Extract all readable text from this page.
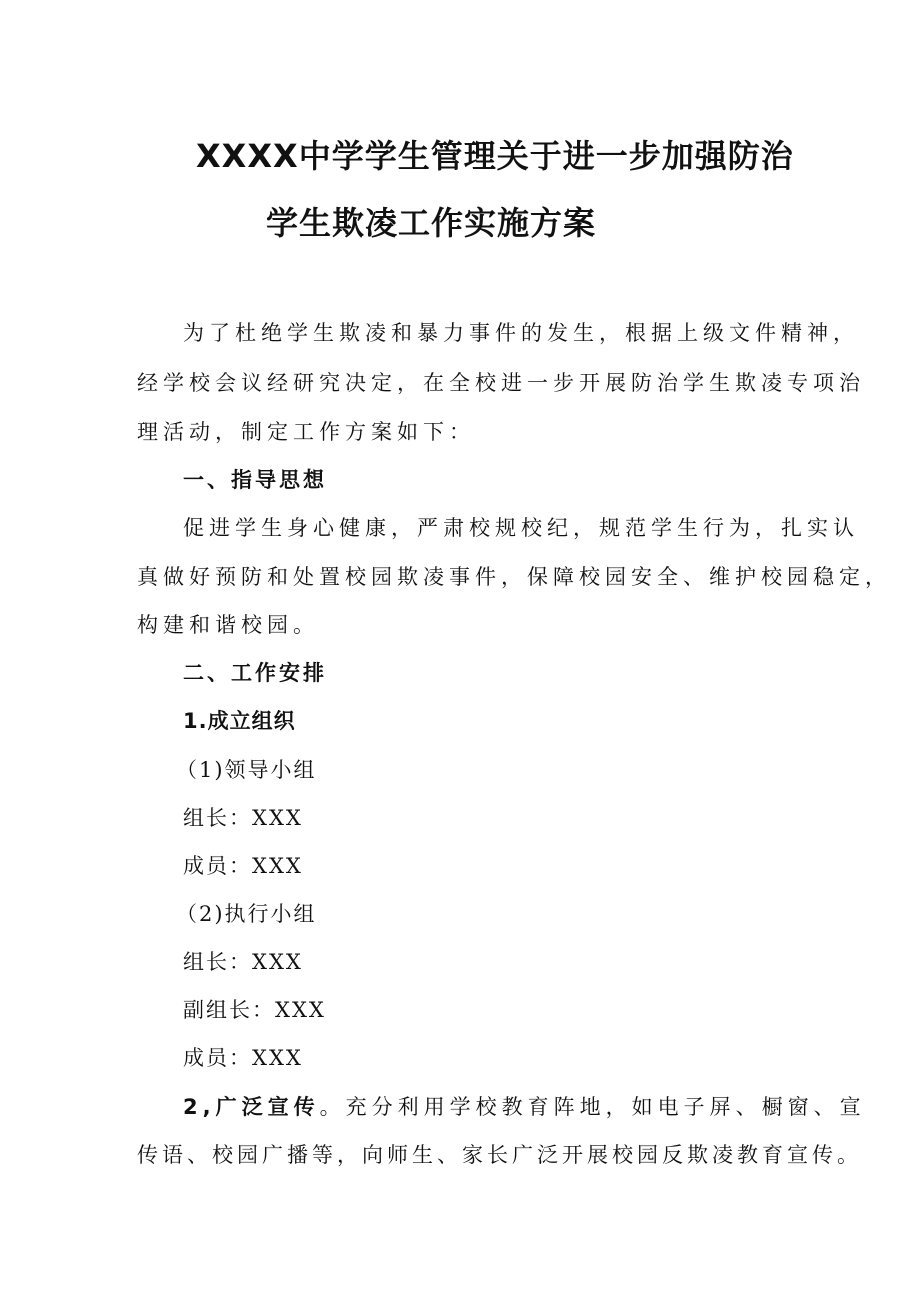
XXXX中学学生管理关于进一步加强防治
学生欺凌工作实施方案
为了杜绝学生欺凌和暴力事件的发生，根据上级文件精神，
经学校会议经研究决定，在全校进一步开展防治学生欺凌专项治
理活动，制定工作方案如下：
一、指导思想
促进学生身心健康，严肃校规校纪，规范学生行为，扎实认
真做好预防和处置校园欺凌事件，保障校园安全、维护校园稳定，
构建和谐校园。
二、工作安排
1.成立组织
（1)领导小组
组长：XXX
成员：XXX
（2)执行小组
组长：XXX
副组长：XXX
成员：XXX
2,广泛宣传。充分利用学校教育阵地，如电子屏、橱窗、宣
传语、校园广播等，向师生、家长广泛开展校园反欺凌教育宣传。
